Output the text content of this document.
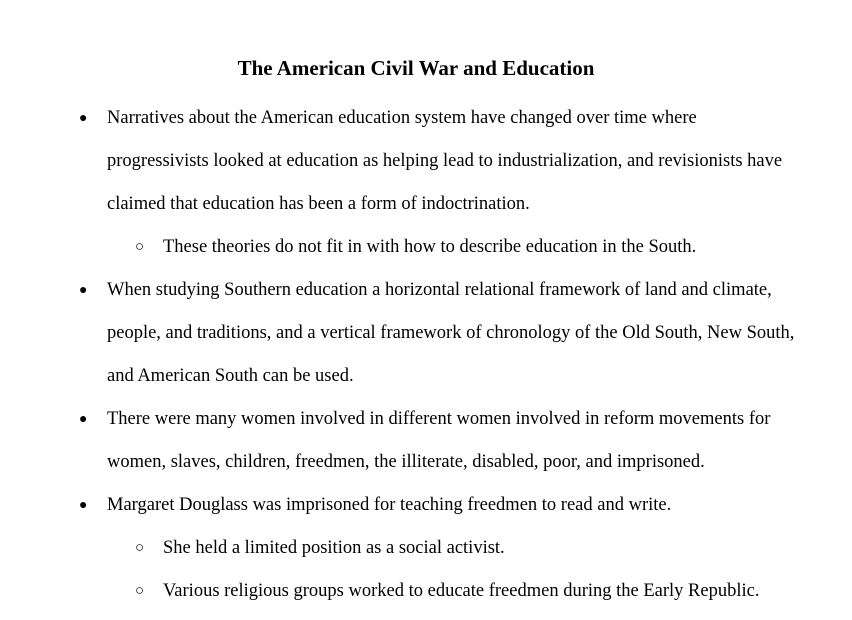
The American Civil War and Education
● Narratives about the American education system have changed over time where progressivists looked at education as helping lead to industrialization, and revisionists have claimed that education has been a form of indoctrination.
○ These theories do not fit in with how to describe education in the South.
● When studying Southern education a horizontal relational framework of land and climate, people, and traditions, and a vertical framework of chronology of the Old South, New South, and American South can be used.
● There were many women involved in different women involved in reform movements for women, slaves, children, freedmen, the illiterate, disabled, poor, and imprisoned.
● Margaret Douglass was imprisoned for teaching freedmen to read and write.
○ She held a limited position as a social activist.
○ Various religious groups worked to educate freedmen during the Early Republic.
